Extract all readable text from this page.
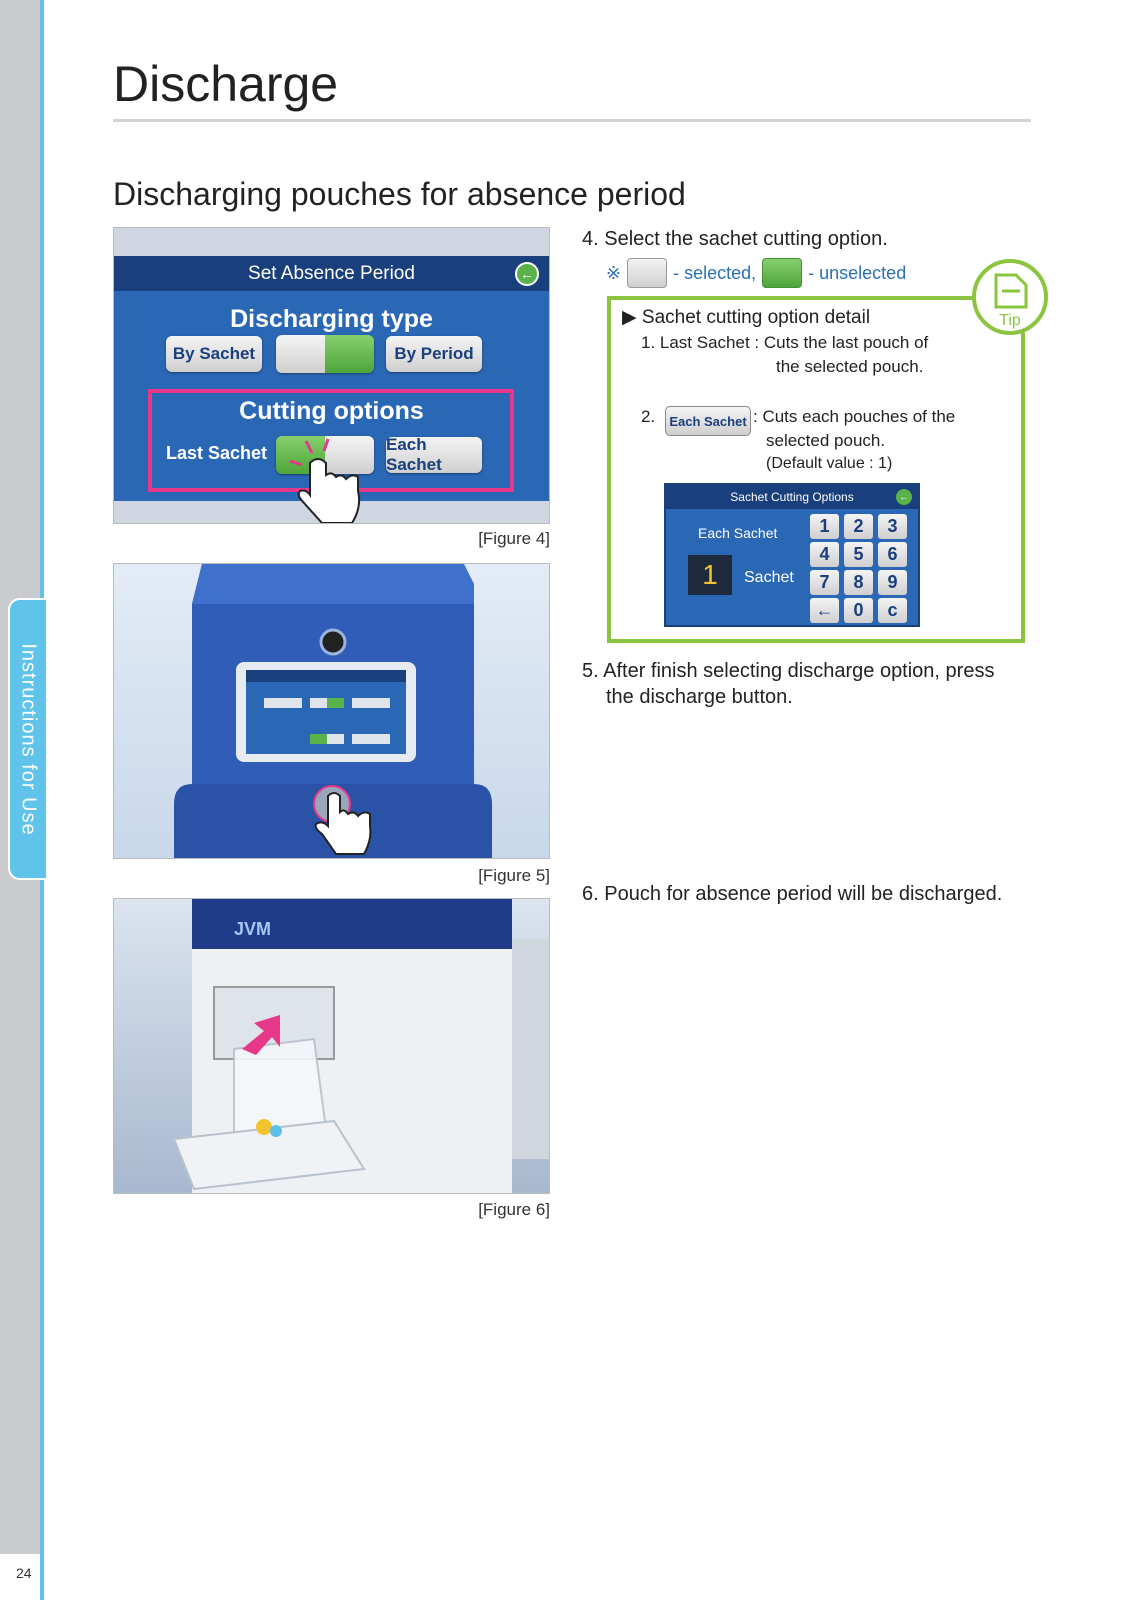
Instructions for Use
24
Discharge
Discharging pouches for absence period
Set Absence Period	←
Discharging type
By Sachet	By Period
Cutting options
Last Sachet	Each Sachet
[Figure 4]
[Figure 5]
JVM
[Figure 6]
4. Select the sachet cutting option.
※	- selected,	- unselected
Tip
▶ Sachet cutting option detail
1. Last Sachet : Cuts the last pouch of
the selected pouch.
2.	Each Sachet : Cuts each pouches of the
selected pouch.
(Default value : 1)
Sachet Cutting Options	←
Each Sachet
1	Sachet
1	2	3
4	5	6
7	8	9
←	0	c
5. After finish selecting discharge option, press
the discharge button.
6. Pouch for absence period will be discharged.
